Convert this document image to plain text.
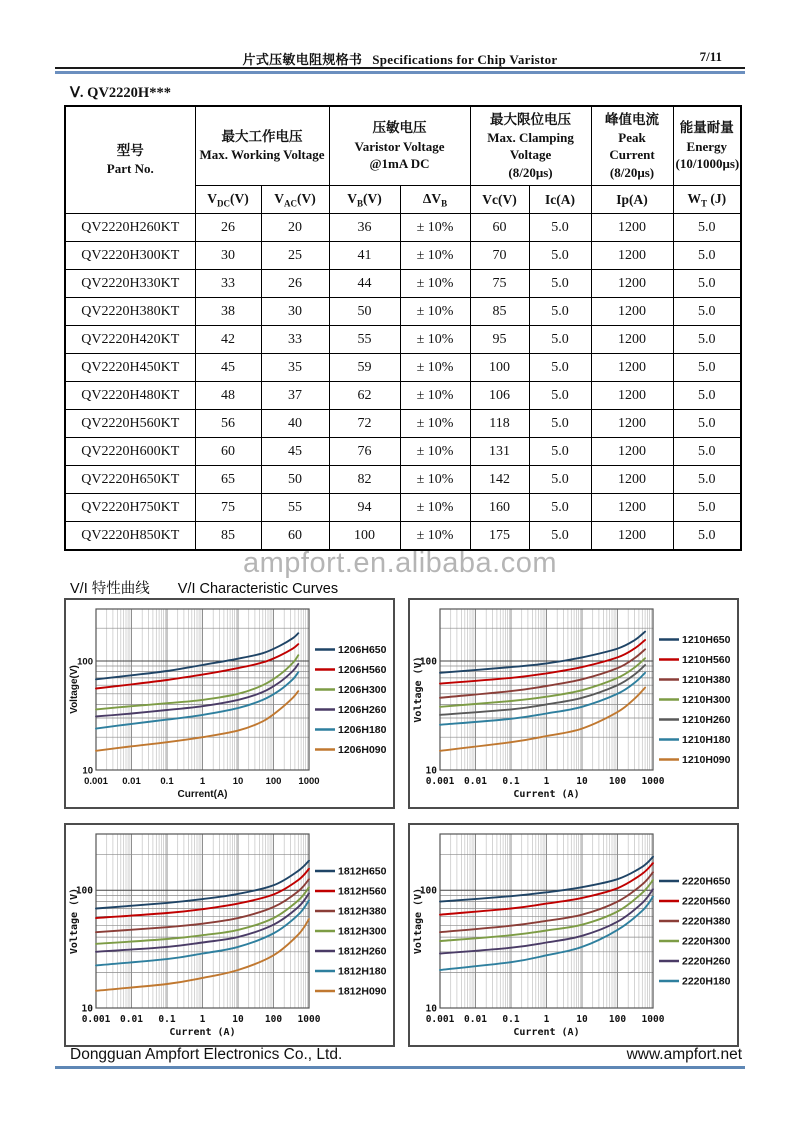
片式压敏电阻规格书 Specifications for Chip Varistor	7/11
Ⅴ. QV2220H***
型号
Part No.

最大工作电压
Max. Working Voltage

压敏电压
Varistor Voltage
@1mA DC

最大限位电压
Max. Clamping
Voltage
(8/20μs)

峰值电流
Peak
Current
(8/20μs)

能量耐量
Energy
(10/1000μs)

	$V_{DC}(V)$	$V_{AC}(V)$	$V_B(V)$	$\Delta V_B$	Vc(V)	Ic(A)	Ip(A)	$W_T$ (J)
QV2220H260KT	26	20	36	± 10%	60	5.0	1200	5.0
QV2220H300KT	30	25	41	± 10%	70	5.0	1200	5.0
QV2220H330KT	33	26	44	± 10%	75	5.0	1200	5.0
QV2220H380KT	38	30	50	± 10%	85	5.0	1200	5.0
QV2220H420KT	42	33	55	± 10%	95	5.0	1200	5.0
QV2220H450KT	45	35	59	± 10%	100	5.0	1200	5.0
QV2220H480KT	48	37	62	± 10%	106	5.0	1200	5.0
QV2220H560KT	56	40	72	± 10%	118	5.0	1200	5.0
QV2220H600KT	60	45	76	± 10%	131	5.0	1200	5.0
QV2220H650KT	65	50	82	± 10%	142	5.0	1200	5.0
QV2220H750KT	75	55	94	± 10%	160	5.0	1200	5.0
QV2220H850KT	85	60	100	± 10%	175	5.0	1200	5.0
ampfort.en.alibaba.com
V/I 特性曲线 V/I Characteristic Curves
10
100
0.001 0.01 0.1	1	10 100 1000
Current(A)
Voltage(V)
1206H650
1206H560
1206H300
1206H260
1206H180
1206H090
10
100
0.001 0.01 0.1	1	10 100 1000
Current (A)
Voltage (V)
1210H650
1210H560
1210H380
1210H300
1210H260
1210H180
1210H090
10
100
0.001 0.01 0.1	1	10 100 1000
Current (A)
Voltage (V)
1812H650
1812H560
1812H380
1812H300
1812H260
1812H180
1812H090
10
100
0.001 0.01 0.1	1	10 100 1000
Current (A)
Voltage (V)
2220H650
2220H560
2220H380
2220H300
2220H260
2220H180
Dongguan Ampfort Electronics Co., Ltd.	www.ampfort.net
